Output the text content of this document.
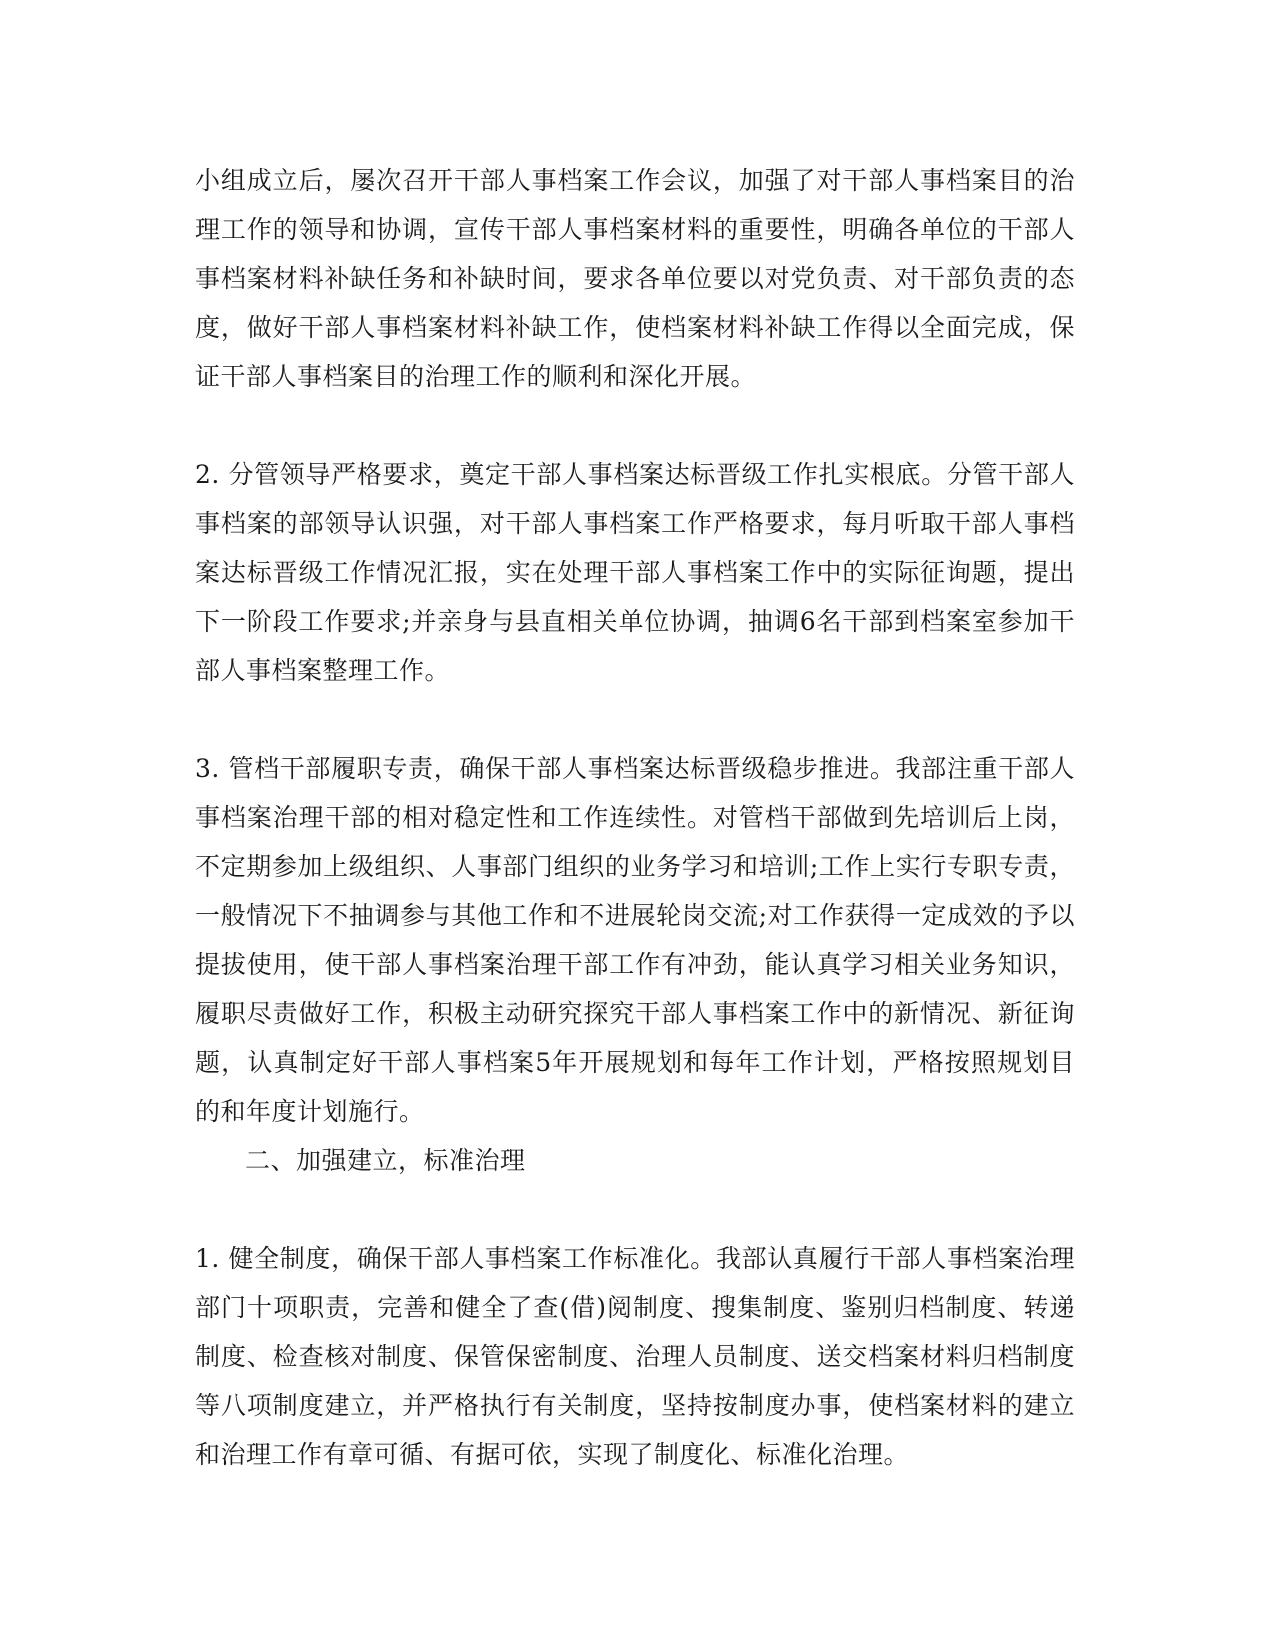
小组成立后，屡次召开干部人事档案工作会议，加强了对干部人事档案目的治理工作的领导和协调，宣传干部人事档案材料的重要性，明确各单位的干部人事档案材料补缺任务和补缺时间，要求各单位要以对党负责、对干部负责的态度，做好干部人事档案材料补缺工作，使档案材料补缺工作得以全面完成，保证干部人事档案目的治理工作的顺利和深化开展。

2. 分管领导严格要求，奠定干部人事档案达标晋级工作扎实根底。分管干部人事档案的部领导认识强，对干部人事档案工作严格要求，每月听取干部人事档案达标晋级工作情况汇报，实在处理干部人事档案工作中的实际征询题，提出下一阶段工作要求;并亲身与县直相关单位协调，抽调6名干部到档案室参加干部人事档案整理工作。

3. 管档干部履职专责，确保干部人事档案达标晋级稳步推进。我部注重干部人事档案治理干部的相对稳定性和工作连续性。对管档干部做到先培训后上岗，不定期参加上级组织、人事部门组织的业务学习和培训;工作上实行专职专责，一般情况下不抽调参与其他工作和不进展轮岗交流;对工作获得一定成效的予以提拔使用，使干部人事档案治理干部工作有冲劲，能认真学习相关业务知识，履职尽责做好工作，积极主动研究探究干部人事档案工作中的新情况、新征询题，认真制定好干部人事档案5年开展规划和每年工作计划，严格按照规划目的和年度计划施行。

二、加强建立，标准治理

1. 健全制度，确保干部人事档案工作标准化。我部认真履行干部人事档案治理部门十项职责，完善和健全了查(借)阅制度、搜集制度、鉴别归档制度、转递制度、检查核对制度、保管保密制度、治理人员制度、送交档案材料归档制度等八项制度建立，并严格执行有关制度，坚持按制度办事，使档案材料的建立和治理工作有章可循、有据可依，实现了制度化、标准化治理。
